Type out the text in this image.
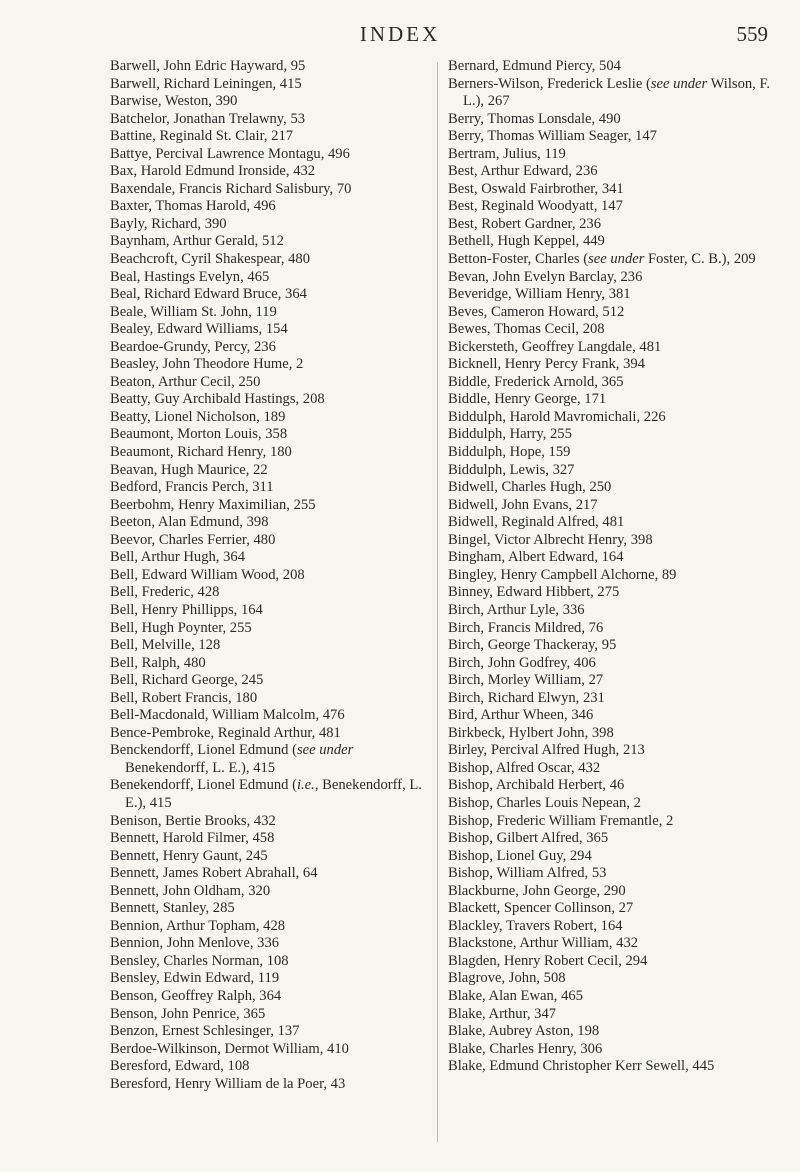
INDEX	559
Barwell, John Edric Hayward, 95
Barwell, Richard Leiningen, 415
Barwise, Weston, 390
Batchelor, Jonathan Trelawny, 53
Battine, Reginald St. Clair, 217
Battye, Percival Lawrence Montagu, 496
Bax, Harold Edmund Ironside, 432
Baxendale, Francis Richard Salisbury, 70
Baxter, Thomas Harold, 496
Bayly, Richard, 390
Baynham, Arthur Gerald, 512
Beachcroft, Cyril Shakespear, 480
Beal, Hastings Evelyn, 465
Beal, Richard Edward Bruce, 364
Beale, William St. John, 119
Bealey, Edward Williams, 154
Beardoe-Grundy, Percy, 236
Beasley, John Theodore Hume, 2
Beaton, Arthur Cecil, 250
Beatty, Guy Archibald Hastings, 208
Beatty, Lionel Nicholson, 189
Beaumont, Morton Louis, 358
Beaumont, Richard Henry, 180
Beavan, Hugh Maurice, 22
Bedford, Francis Perch, 311
Beerbohm, Henry Maximilian, 255
Beeton, Alan Edmund, 398
Beevor, Charles Ferrier, 480
Bell, Arthur Hugh, 364
Bell, Edward William Wood, 208
Bell, Frederic, 428
Bell, Henry Phillipps, 164
Bell, Hugh Poynter, 255
Bell, Melville, 128
Bell, Ralph, 480
Bell, Richard George, 245
Bell, Robert Francis, 180
Bell-Macdonald, William Malcolm, 476
Bence-Pembroke, Reginald Arthur, 481
Benckendorff, Lionel Edmund (see under Benekendorff, L. E.), 415
Benekendorff, Lionel Edmund (i.e., Benekendorff, L. E.), 415
Benison, Bertie Brooks, 432
Bennett, Harold Filmer, 458
Bennett, Henry Gaunt, 245
Bennett, James Robert Abrahall, 64
Bennett, John Oldham, 320
Bennett, Stanley, 285
Bennion, Arthur Topham, 428
Bennion, John Menlove, 336
Bensley, Charles Norman, 108
Bensley, Edwin Edward, 119
Benson, Geoffrey Ralph, 364
Benson, John Penrice, 365
Benzon, Ernest Schlesinger, 137
Berdoe-Wilkinson, Dermot William, 410
Beresford, Edward, 108
Beresford, Henry William de la Poer, 43
Bernard, Edmund Piercy, 504
Berners-Wilson, Frederick Leslie (see under Wilson, F. L.), 267
Berry, Thomas Lonsdale, 490
Berry, Thomas William Seager, 147
Bertram, Julius, 119
Best, Arthur Edward, 236
Best, Oswald Fairbrother, 341
Best, Reginald Woodyatt, 147
Best, Robert Gardner, 236
Bethell, Hugh Keppel, 449
Betton-Foster, Charles (see under Foster, C. B.), 209
Bevan, John Evelyn Barclay, 236
Beveridge, William Henry, 381
Beves, Cameron Howard, 512
Bewes, Thomas Cecil, 208
Bickersteth, Geoffrey Langdale, 481
Bicknell, Henry Percy Frank, 394
Biddle, Frederick Arnold, 365
Biddle, Henry George, 171
Biddulph, Harold Mavromichali, 226
Biddulph, Harry, 255
Biddulph, Hope, 159
Biddulph, Lewis, 327
Bidwell, Charles Hugh, 250
Bidwell, John Evans, 217
Bidwell, Reginald Alfred, 481
Bingel, Victor Albrecht Henry, 398
Bingham, Albert Edward, 164
Bingley, Henry Campbell Alchorne, 89
Binney, Edward Hibbert, 275
Birch, Arthur Lyle, 336
Birch, Francis Mildred, 76
Birch, George Thackeray, 95
Birch, John Godfrey, 406
Birch, Morley William, 27
Birch, Richard Elwyn, 231
Bird, Arthur Wheen, 346
Birkbeck, Hylbert John, 398
Birley, Percival Alfred Hugh, 213
Bishop, Alfred Oscar, 432
Bishop, Archibald Herbert, 46
Bishop, Charles Louis Nepean, 2
Bishop, Frederic William Fremantle, 2
Bishop, Gilbert Alfred, 365
Bishop, Lionel Guy, 294
Bishop, William Alfred, 53
Blackburne, John George, 290
Blackett, Spencer Collinson, 27
Blackley, Travers Robert, 164
Blackstone, Arthur William, 432
Blagden, Henry Robert Cecil, 294
Blagrove, John, 508
Blake, Alan Ewan, 465
Blake, Arthur, 347
Blake, Aubrey Aston, 198
Blake, Charles Henry, 306
Blake, Edmund Christopher Kerr Sewell, 445
